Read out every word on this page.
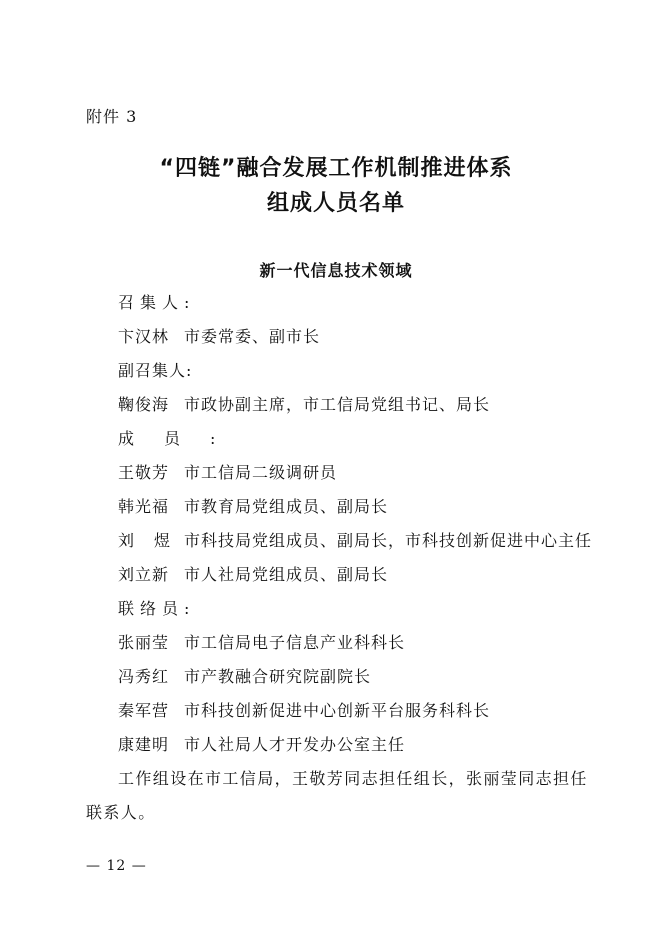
附件 3
“四链”融合发展工作机制推进体系
组成人员名单
新一代信息技术领域
召集人:
卞汉林 市委常委、副市长
副召集人:
鞠俊海 市政协副主席，市工信局党组书记、局长
成员:
王敬芳 市工信局二级调研员
韩光福 市教育局党组成员、副局长
刘煜市科技局党组成员、副局长，市科技创新促进中心主任
刘立新 市人社局党组成员、副局长
联络员:
张丽莹 市工信局电子信息产业科科长
冯秀红 市产教融合研究院副院长
秦军营 市科技创新促进中心创新平台服务科科长
康建明 市人社局人才开发办公室主任
工作组设在市工信局，王敬芳同志担任组长，张丽莹同志担任
联系人。
— 12 —
